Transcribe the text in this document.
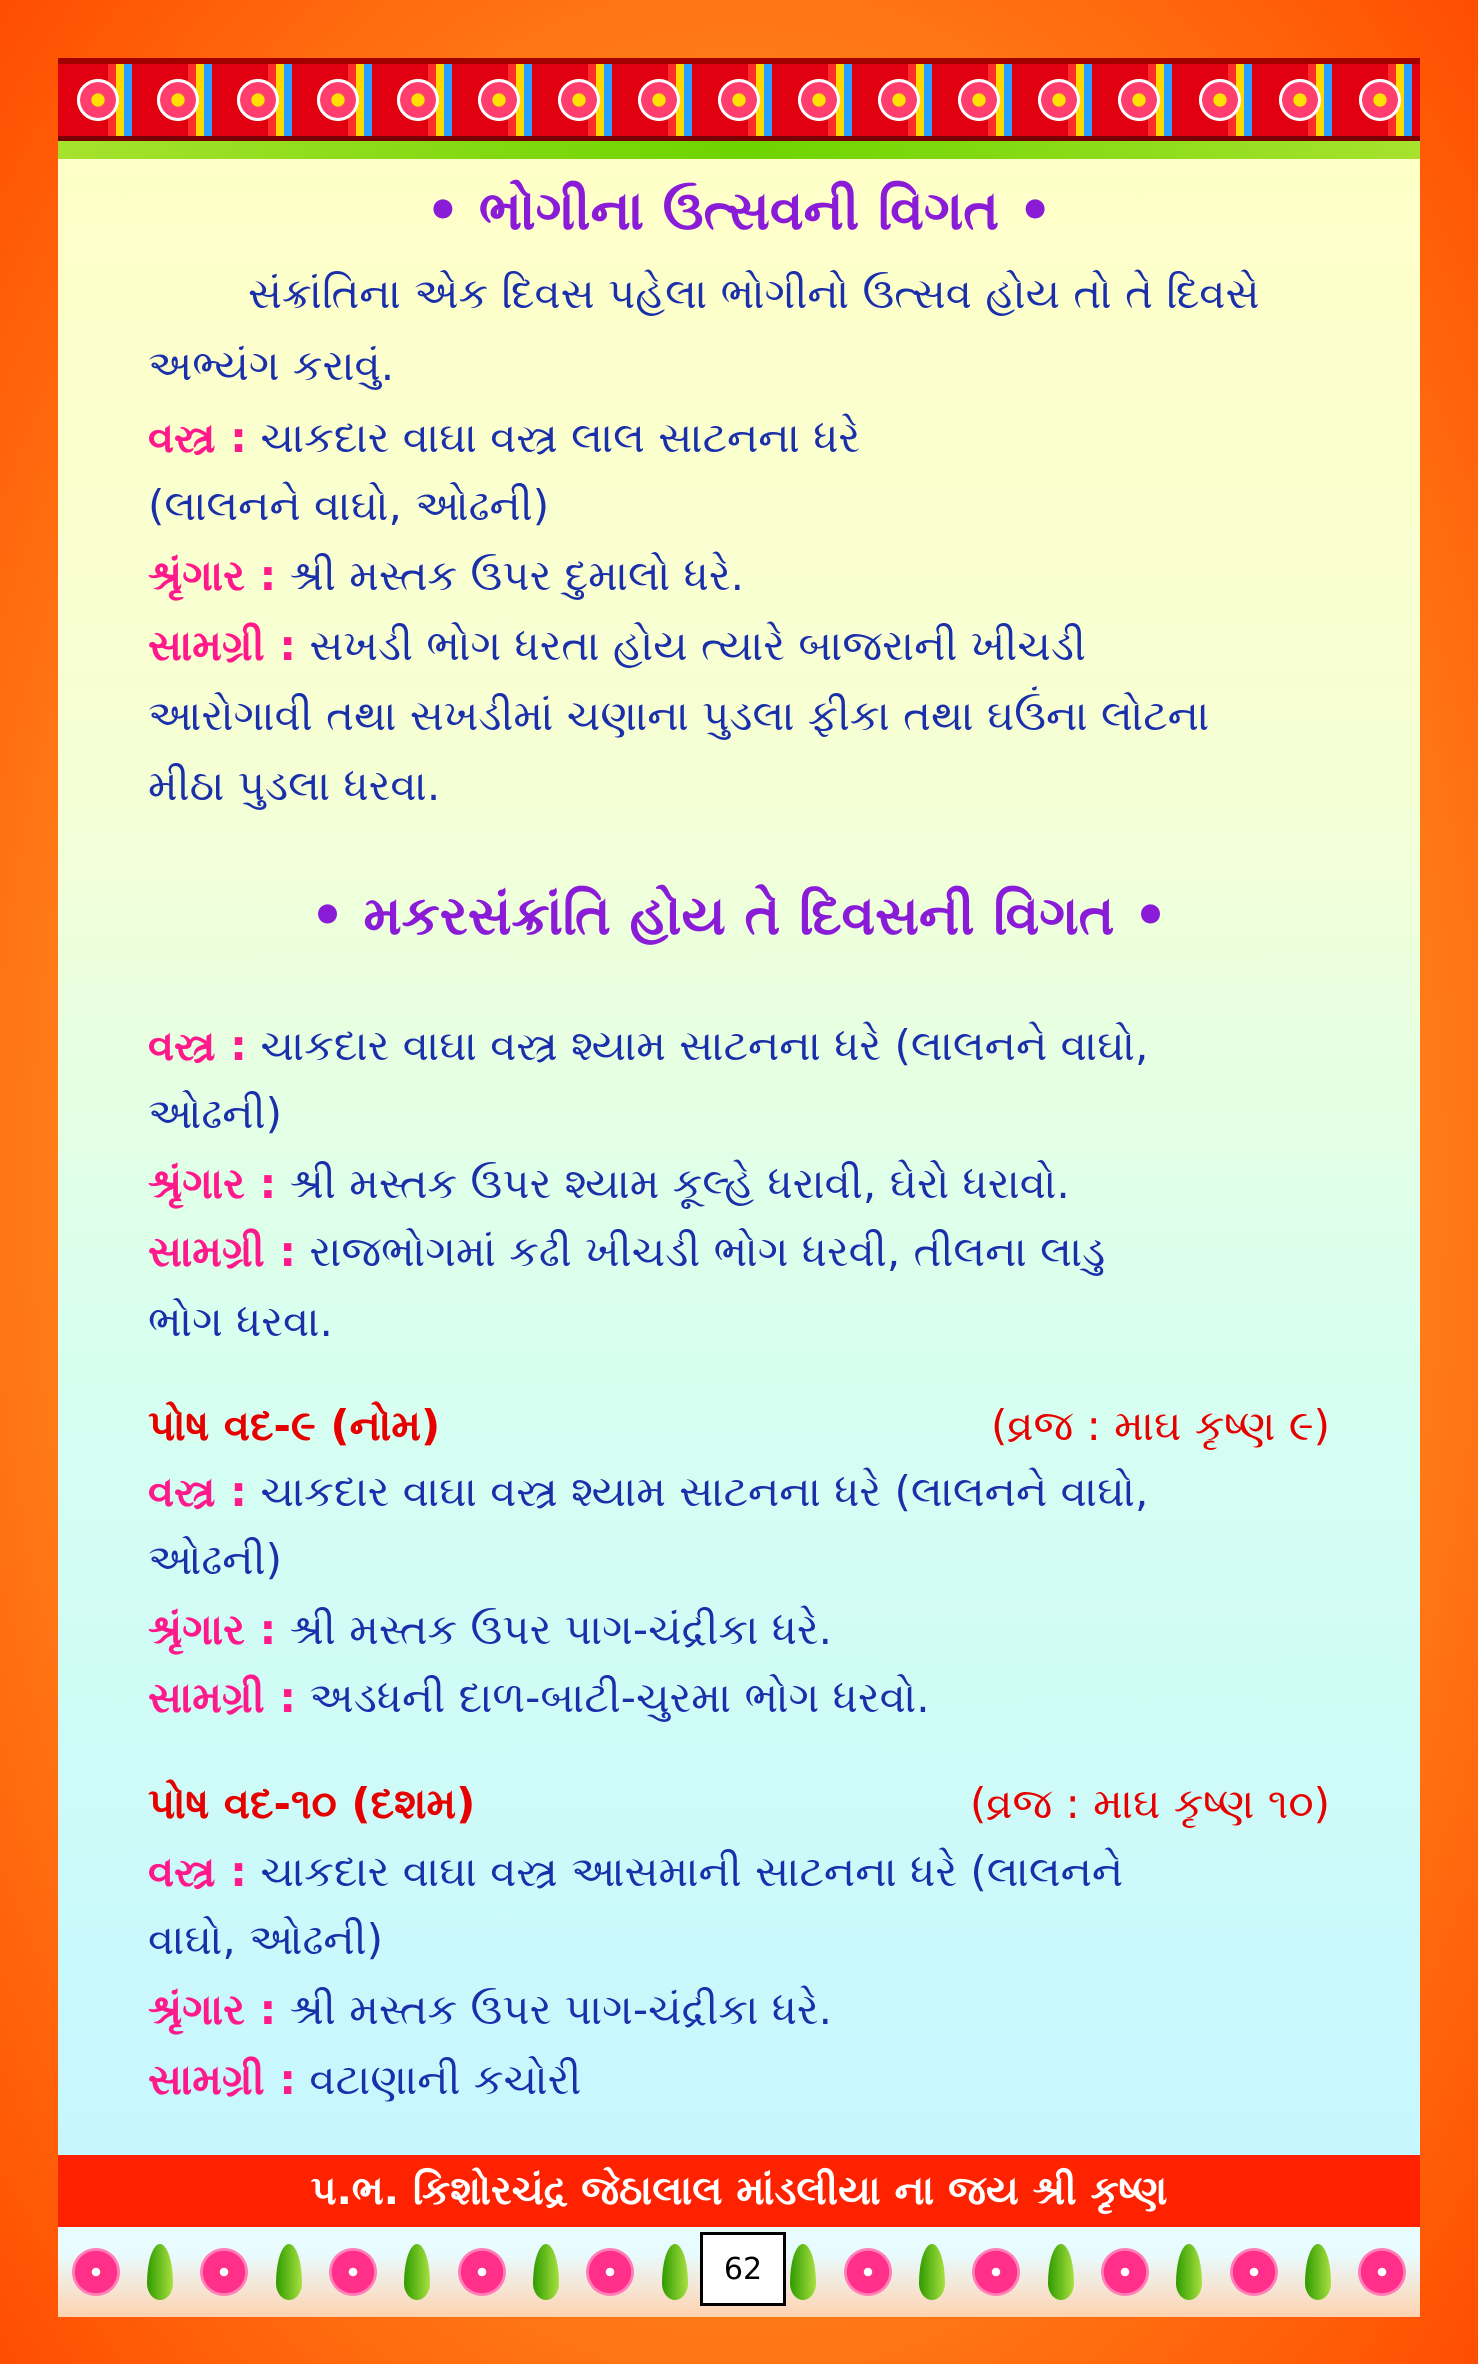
• ભોગીના ઉત્સવની વિગત •
સંક્રાંતિના એક દિવસ પહેલા ભોગીનો ઉત્સવ હોય તો તે દિવસે
અભ્યંગ કરાવું.
વસ્ત્ર : ચાકદાર વાઘા વસ્ત્ર લાલ સાટનના ધરે
(લાલનને વાઘો, ઓઢની)
શ્રૃંગાર : શ્રી મસ્તક ઉપર દુમાલો ધરે.
સામગ્રી : સખડી ભોગ ધરતા હોય ત્યારે બાજરાની ખીચડી
આરોગાવી તથા સખડીમાં ચણાના પુડલા ફીકા તથા ઘઉંના લોટના
મીઠા પુડલા ધરવા.
• મકરસંક્રાંતિ હોય તે દિવસની વિગત •
વસ્ત્ર : ચાકદાર વાઘા વસ્ત્ર શ્યામ સાટનના ધરે (લાલનને વાઘો,
ઓઢની)
શ્રૃંગાર : શ્રી મસ્તક ઉપર શ્યામ કૂલ્હે ધરાવી, ઘેરો ધરાવો.
સામગ્રી : રાજભોગમાં કઢી ખીચડી ભોગ ધરવી, તીલના લાડુ
ભોગ ધરવા.
પોષ વદ-૯ (નોમ)	(વ્રજ : માઘ કૃષ્ણ ૯)
વસ્ત્ર : ચાકદાર વાઘા વસ્ત્ર શ્યામ સાટનના ધરે (લાલનને વાઘો,
ઓઢની)
શ્રૃંગાર : શ્રી મસ્તક ઉપર પાગ-ચંદ્રીકા ધરે.
સામગ્રી : અડધની દાળ-બાટી-ચુરમા ભોગ ધરવો.
પોષ વદ-૧૦ (દશમ)	(વ્રજ : માઘ કૃષ્ણ ૧૦)
વસ્ત્ર : ચાકદાર વાઘા વસ્ત્ર આસમાની સાટનના ધરે (લાલનને
વાઘો, ઓઢની)
શ્રૃંગાર : શ્રી મસ્તક ઉપર પાગ-ચંદ્રીકા ધરે.
સામગ્રી : વટાણાની કચોરી
પ.ભ. કિશોરચંદ્ર જેઠાલાલ માંડલીયા ના જય શ્રી કૃષ્ણ
62
